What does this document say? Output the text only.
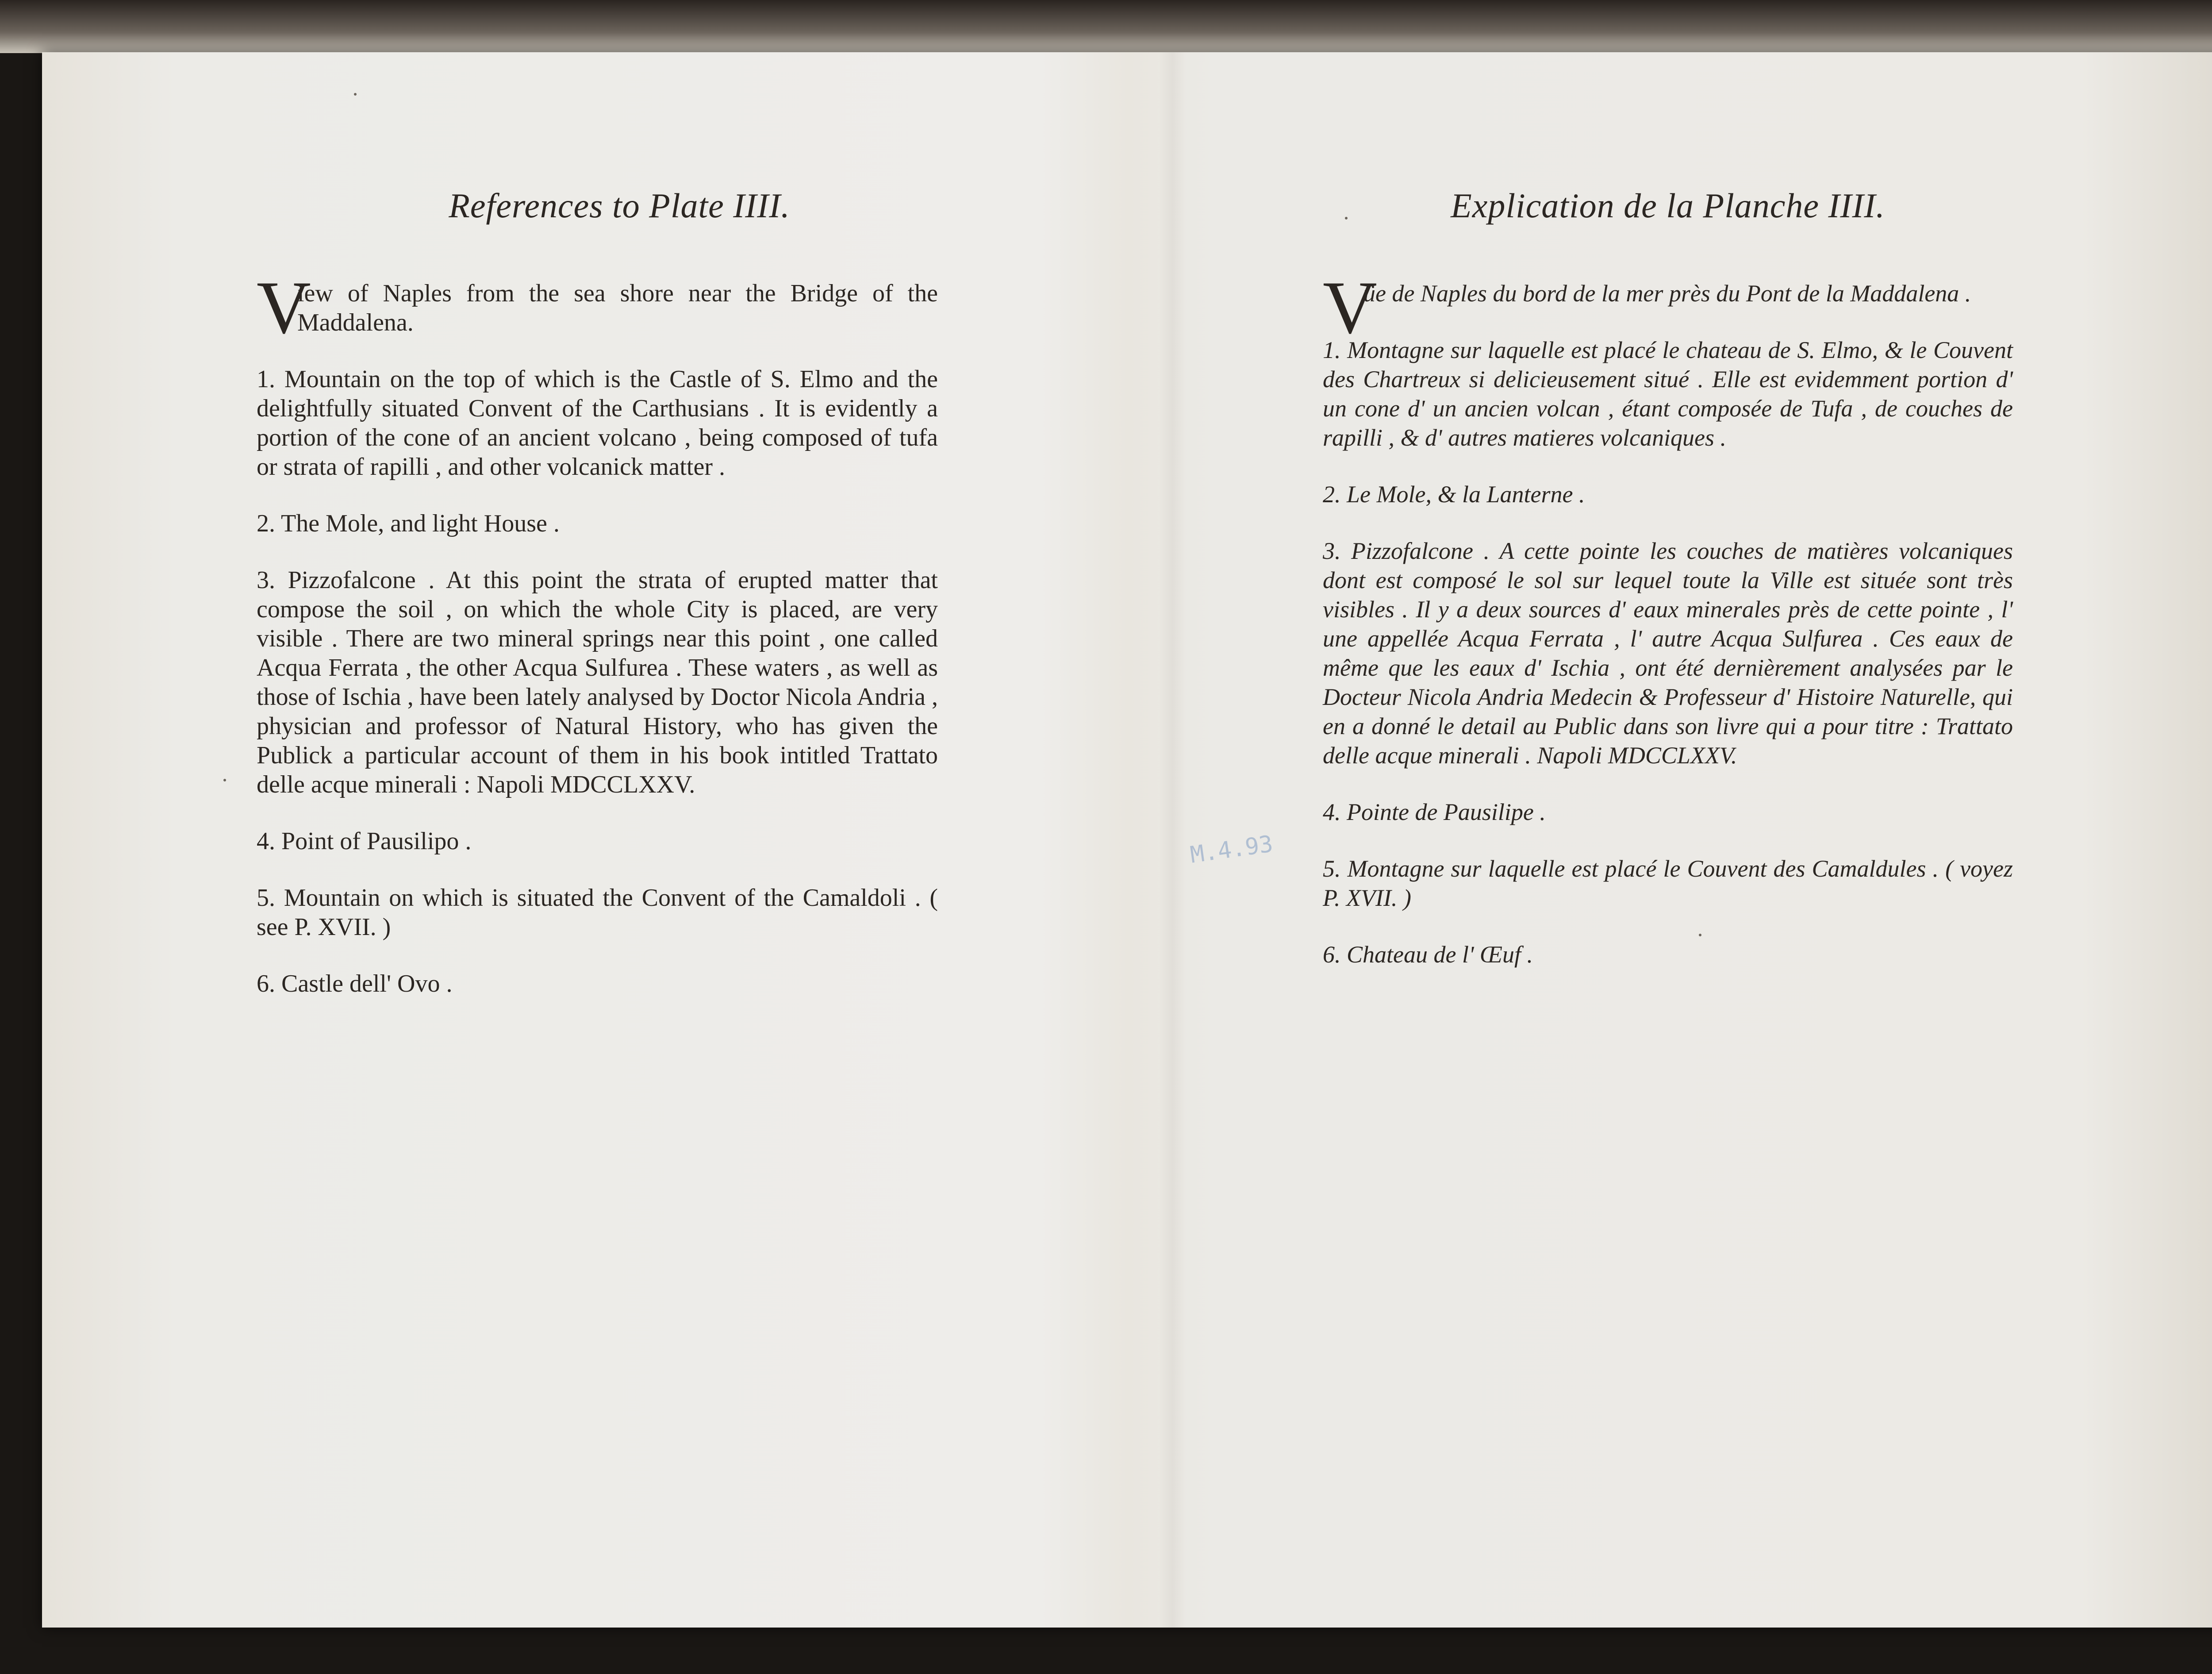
References to Plate IIII.

V
iew of Naples from the sea shore near the Bridge of the Maddalena.

1. Mountain on the top of which is the Castle of S. Elmo and the delightfully situated Convent of the Carthusians . It is evidently a portion of the cone of an ancient volcano , being composed of tufa or strata of rapilli , and other volcanick matter .

2. The Mole, and light House .

3. Pizzofalcone . At this point the strata of erupted matter that compose the soil , on which the whole City is placed, are very visible . There are two mineral springs near this point , one called Acqua Ferrata , the other Acqua Sulfurea . These waters , as well as those of Ischia , have been lately analysed by Doctor Nicola Andria , physician and professor of Natural History, who has given the Publick a particular account of them in his book intitled Trattato delle acque minerali : Napoli MDCCLXXV.

4. Point of Pausilipo .

5. Mountain on which is situated the Convent of the Camaldoli . ( see P. XVII. )

6. Castle dell' Ovo .

Explication de la Planche IIII.

V
üe de Naples du bord de la mer près du Pont de la Maddalena .

1. Montagne sur laquelle est placé le chateau de S. Elmo, & le Couvent des Chartreux si delicieusement situé . Elle est evidemment portion d' un cone d' un ancien volcan , étant composée de Tufa , de couches de rapilli , & d' autres matieres volcaniques .

2. Le Mole, & la Lanterne .

3. Pizzofalcone . A cette pointe les couches de matières volcaniques dont est composé le sol sur lequel toute la Ville est située sont très visibles . Il y a deux sources d' eaux minerales près de cette pointe , l' une appellée Acqua Ferrata , l' autre Acqua Sulfurea . Ces eaux de même que les eaux d' Ischia , ont été dernièrement analysées par le Docteur Nicola Andria Medecin & Professeur d' Histoire Naturelle, qui en a donné le detail au Public dans son livre qui a pour titre : Trattato delle acque minerali . Napoli MDCCLXXV.

4. Pointe de Pausilipe .

5. Montagne sur laquelle est placé le Couvent des Camaldules . ( voyez P. XVII. )

6. Chateau de l' Œuf .

M.4.93
